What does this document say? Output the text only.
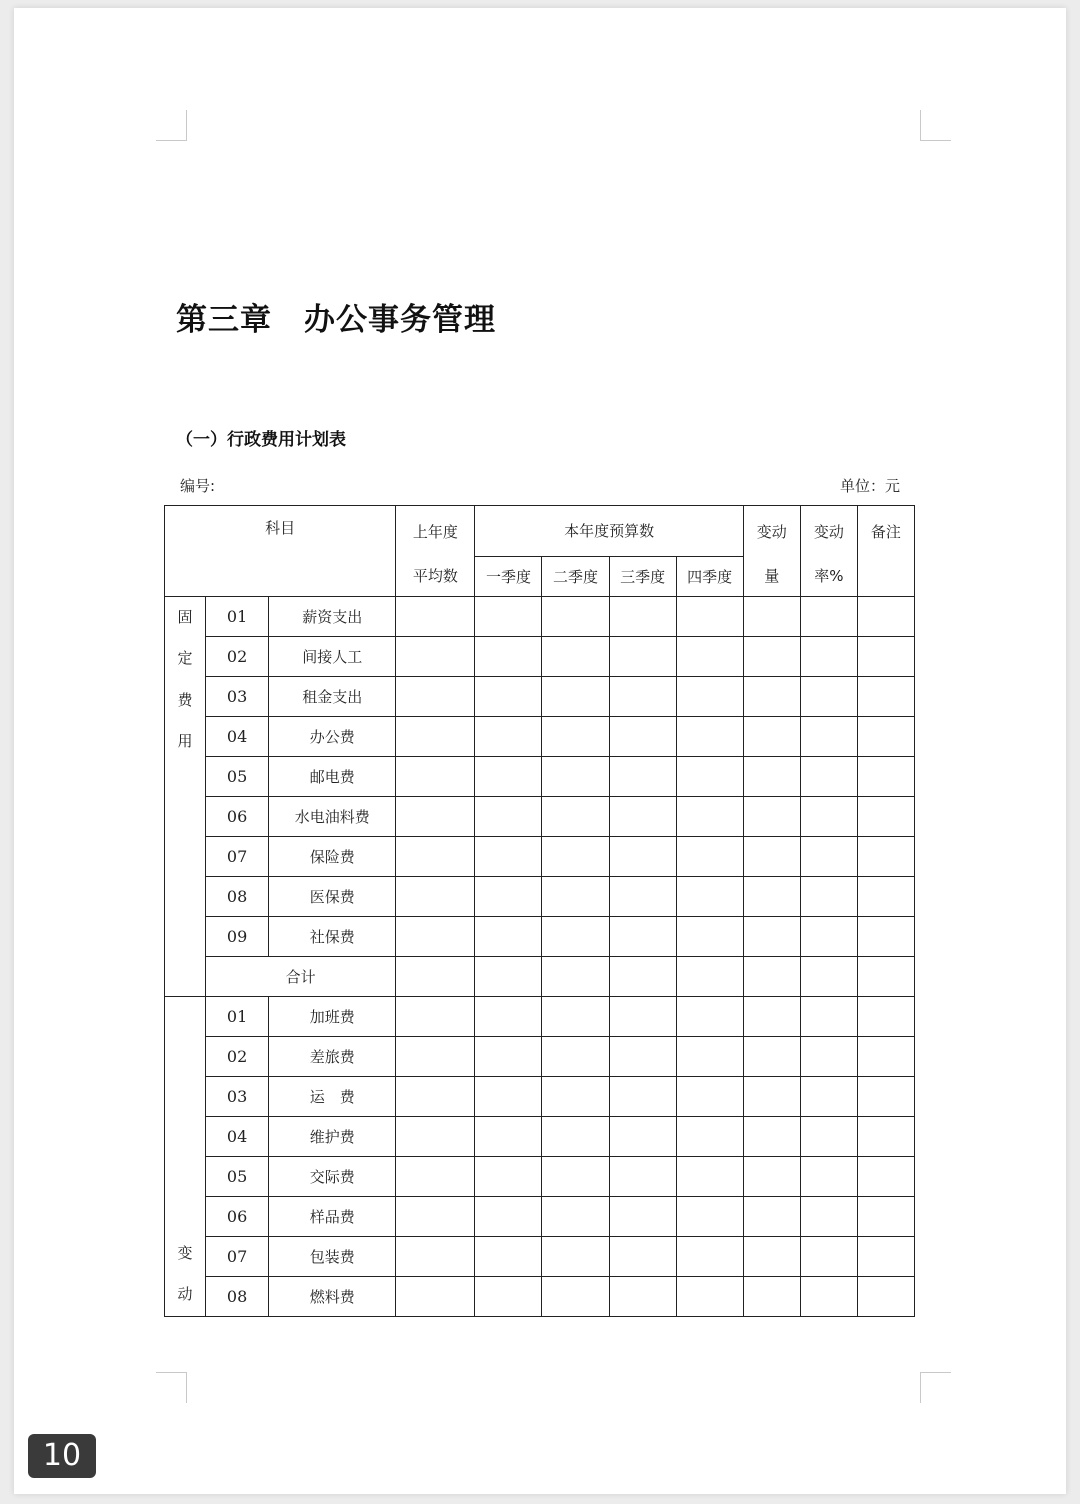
第三章　办公事务管理
（一）行政费用计划表
编号:	单位：元
科目			上年度	本年度预算数				变动	变动	备注
			平均数	一季度	二季度	三季度	四季度	量	率%	

固
定
费
用	01	薪资支出								
	02	间接人工								
	03	租金支出								
	04	办公费								
	05	邮电费								
	06	水电油料费								
	07	保险费								
	08	医保费								
	09	社保费								
	合计									

变
动	01	加班费								
	02	差旅费								
	03	运　费								
	04	维护费								
	05	交际费								
	06	样品费								
	07	包装费								
	08	燃料费								
10
